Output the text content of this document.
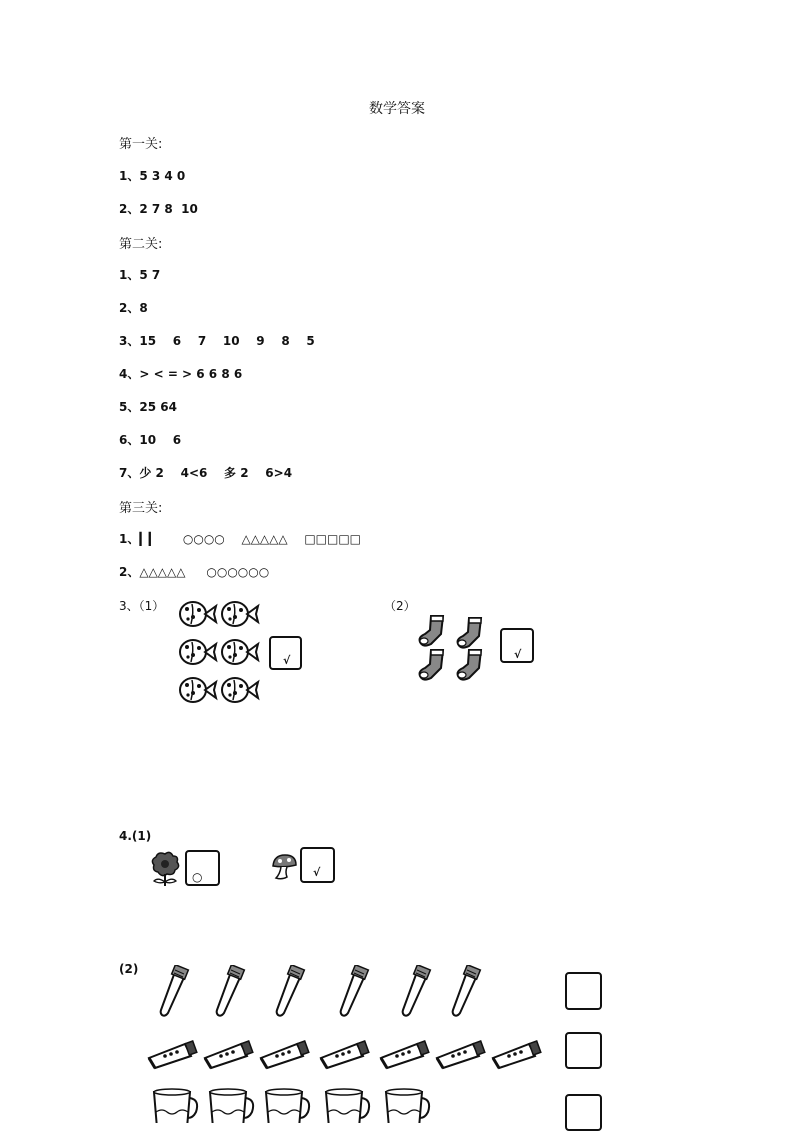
数学答案
第一关:
1、5 3 4 0
2、2 7 8  10
第二关:
1、5 7
2、8
3、15    6    7    10    9    8    5
4、> < = > 6 6 8 6
5、25 64
6、10    6
7、少 2    4<6    多 2    6>4
第三关:
1、▎▎      ○○○○    △△△△△    □□□□□
2、△△△△△     ○○○○○○
3、（1）	（2）
√	√
4.(1)
○	√
(2)
